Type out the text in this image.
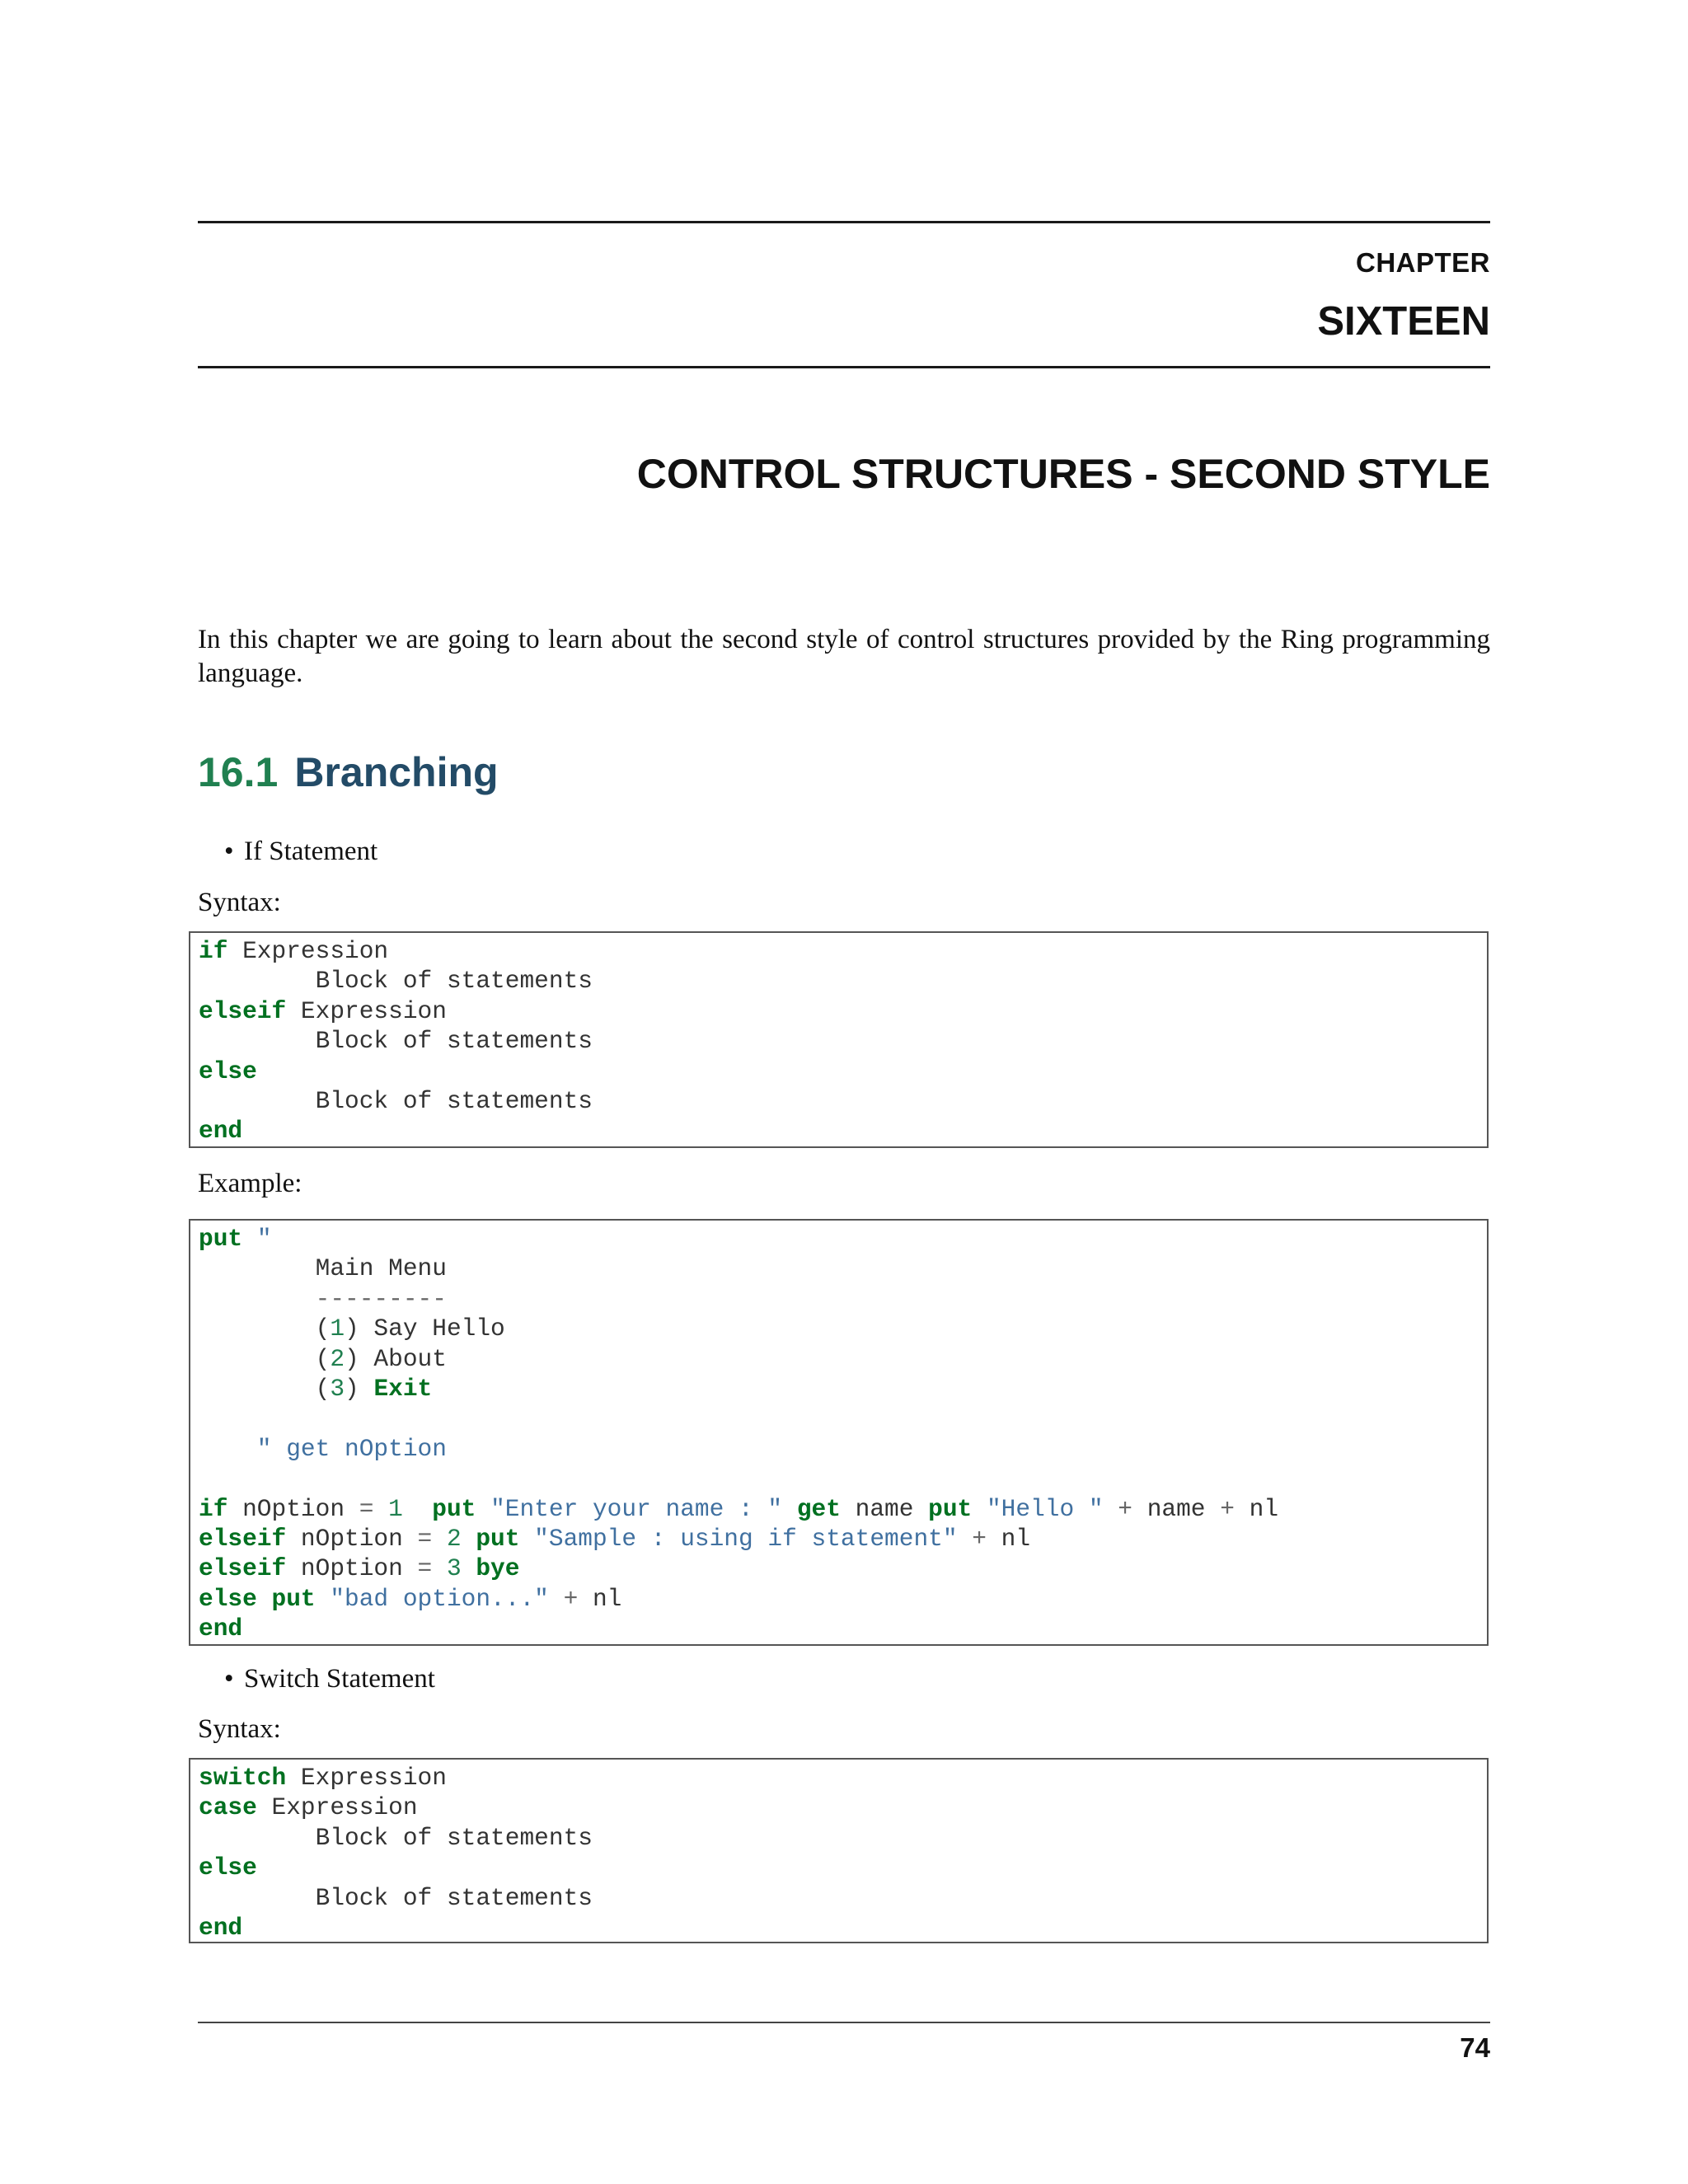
CHAPTER
SIXTEEN
CONTROL STRUCTURES - SECOND STYLE

In this chapter we are going to learn about the second style of control structures provided by the Ring programming language.

16.1 Branching
• If Statement
Syntax:
if Expression
Block of statements
elseif Expression
Block of statements
else
Block of statements
end
Example:
put "
Main Menu
---------
(1) Say Hello
(2) About
(3) Exit
" get nOption
if nOption = 1 put "Enter your name : " get name put "Hello " + name + nl
elseif nOption = 2 put "Sample : using if statement" + nl
elseif nOption = 3 bye
else put "bad option..." + nl
end
• Switch Statement
Syntax:
switch Expression
case Expression
Block of statements
else
Block of statements
end
74
